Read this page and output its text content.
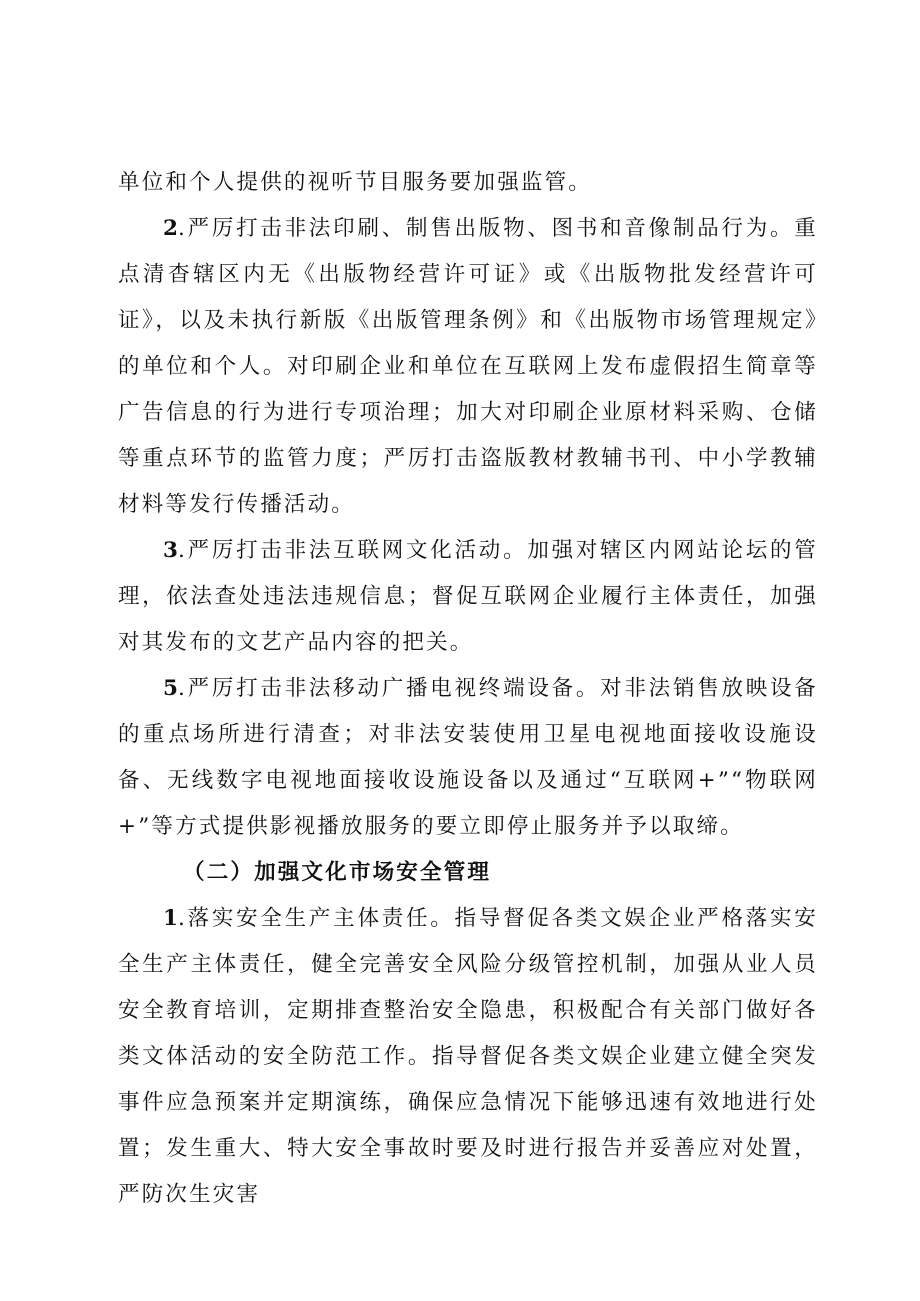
单位和个人提供的视听节目服务要加强监管。

2.严厉打击非法印刷、制售出版物、图书和音像制品行为。重点清杳辖区内无《出版物经营许可证》或《出版物批发经营许可证》，以及未执行新版《出版管理条例》和《出版物市场管理规定》的单位和个人。对印刷企业和单位在互联网上发布虚假招生简章等广告信息的行为进行专项治理；加大对印刷企业原材料采购、仓储等重点环节的监管力度；严厉打击盗版教材教辅书刊、中小学教辅材料等发行传播活动。

3.严厉打击非法互联网文化活动。加强对辖区内网站论坛的管理，依法查处违法违规信息；督促互联网企业履行主体责任，加强对其发布的文艺产品内容的把关。

5.严厉打击非法移动广播电视终端设备。对非法销售放映设备的重点场所进行清查；对非法安装使用卫星电视地面接收设施设备、无线数字电视地面接收设施设备以及通过“互联网+”“物联网+”等方式提供影视播放服务的要立即停止服务并予以取缔。

（二）加强文化市场安全管理

1.落实安全生产主体责任。指导督促各类文娱企业严格落实安全生产主体责任，健全完善安全风险分级管控机制，加强从业人员安全教育培训，定期排查整治安全隐患，积极配合有关部门做好各类文体活动的安全防范工作。指导督促各类文娱企业建立健全突发事件应急预案并定期演练，确保应急情况下能够迅速有效地进行处置；发生重大、特大安全事故时要及时进行报告并妥善应对处置，严防次生灾害
